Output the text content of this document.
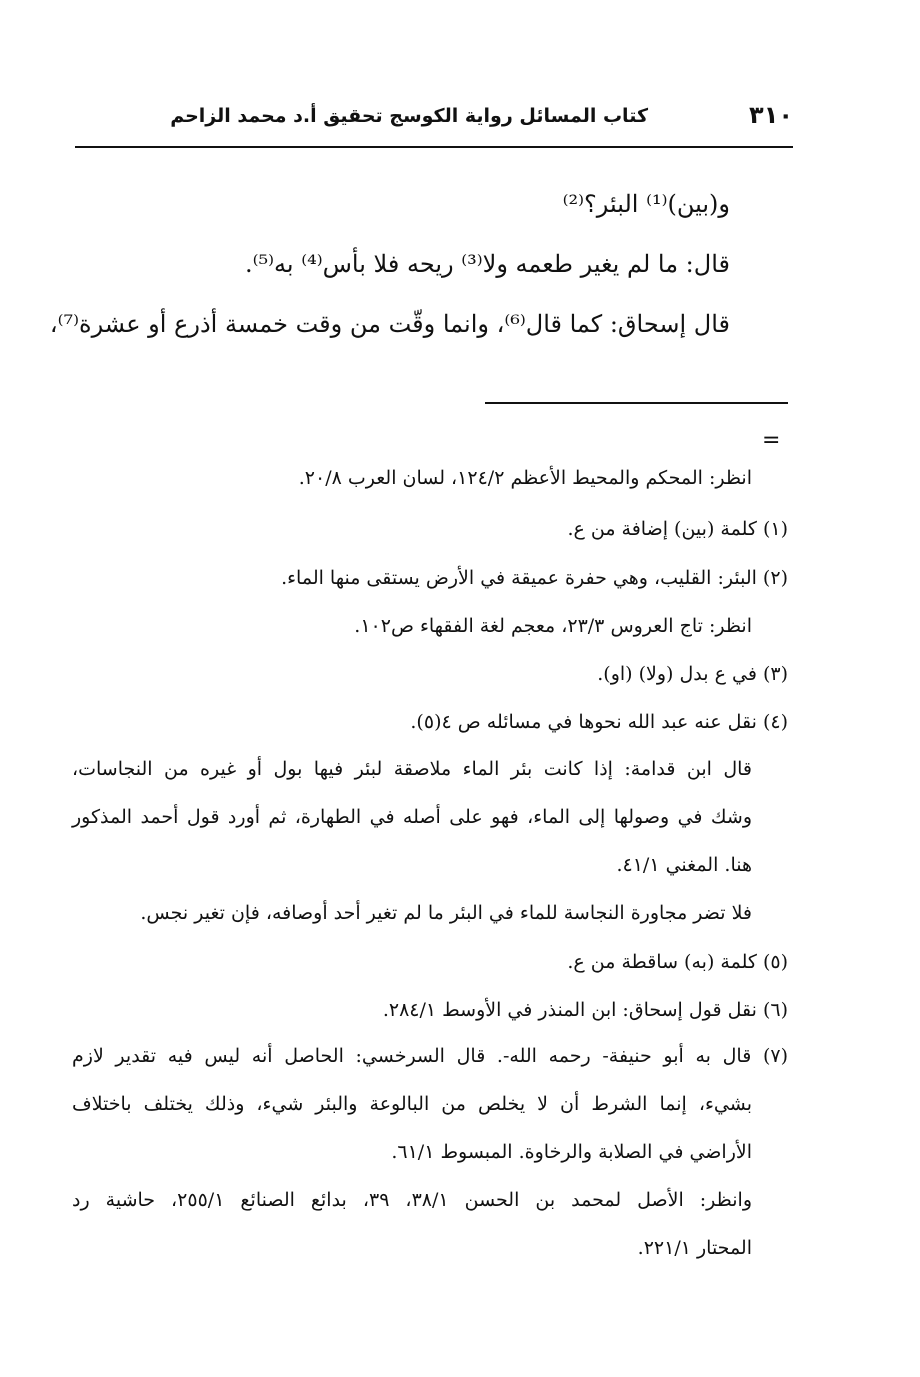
٣١٠
كتاب المسائل رواية الكوسج تحقيق أ.د محمد الزاحم
و(بين)⁽¹⁾ البئر؟⁽²⁾
قال: ما لم يغير طعمه ولا⁽³⁾ ريحه فلا بأس⁽⁴⁾ به⁽⁵⁾.
قال إسحاق: كما قال⁽⁶⁾، وانما وقّت من وقت خمسة أذرع أو عشرة⁽⁷⁾،
=
انظر: المحكم والمحيط الأعظم ١٢٤/٢، لسان العرب ٢٠/٨.
(١) كلمة (بين) إضافة من ع.
(٢) البئر: القليب، وهي حفرة عميقة في الأرض يستقى منها الماء.
انظر: تاج العروس ٢٣/٣، معجم لغة الفقهاء ص١٠٢.
(٣) في ع بدل (ولا) (او).
(٤) نقل عنه عبد الله نحوها في مسائله ص ٤(٥).
قال ابن قدامة: إذا كانت بئر الماء ملاصقة لبئر فيها بول أو غيره من النجاسات،
وشك في وصولها إلى الماء، فهو على أصله في الطهارة، ثم أورد قول أحمد المذكور
هنا. المغني ٤١/١.
فلا تضر مجاورة النجاسة للماء في البئر ما لم تغير أحد أوصافه، فإن تغير نجس.
(٥) كلمة (به) ساقطة من ع.
(٦) نقل قول إسحاق: ابن المنذر في الأوسط ٢٨٤/١.
(٧) قال به أبو حنيفة- رحمه الله-. قال السرخسي: الحاصل أنه ليس فيه تقدير لازم
بشيء، إنما الشرط أن لا يخلص من البالوعة والبئر شيء، وذلك يختلف باختلاف
الأراضي في الصلابة والرخاوة. المبسوط ٦١/١.
وانظر: الأصل لمحمد بن الحسن ٣٨/١، ٣٩، بدائع الصنائع ٢٥٥/١، حاشية رد
المحتار ٢٢١/١.
